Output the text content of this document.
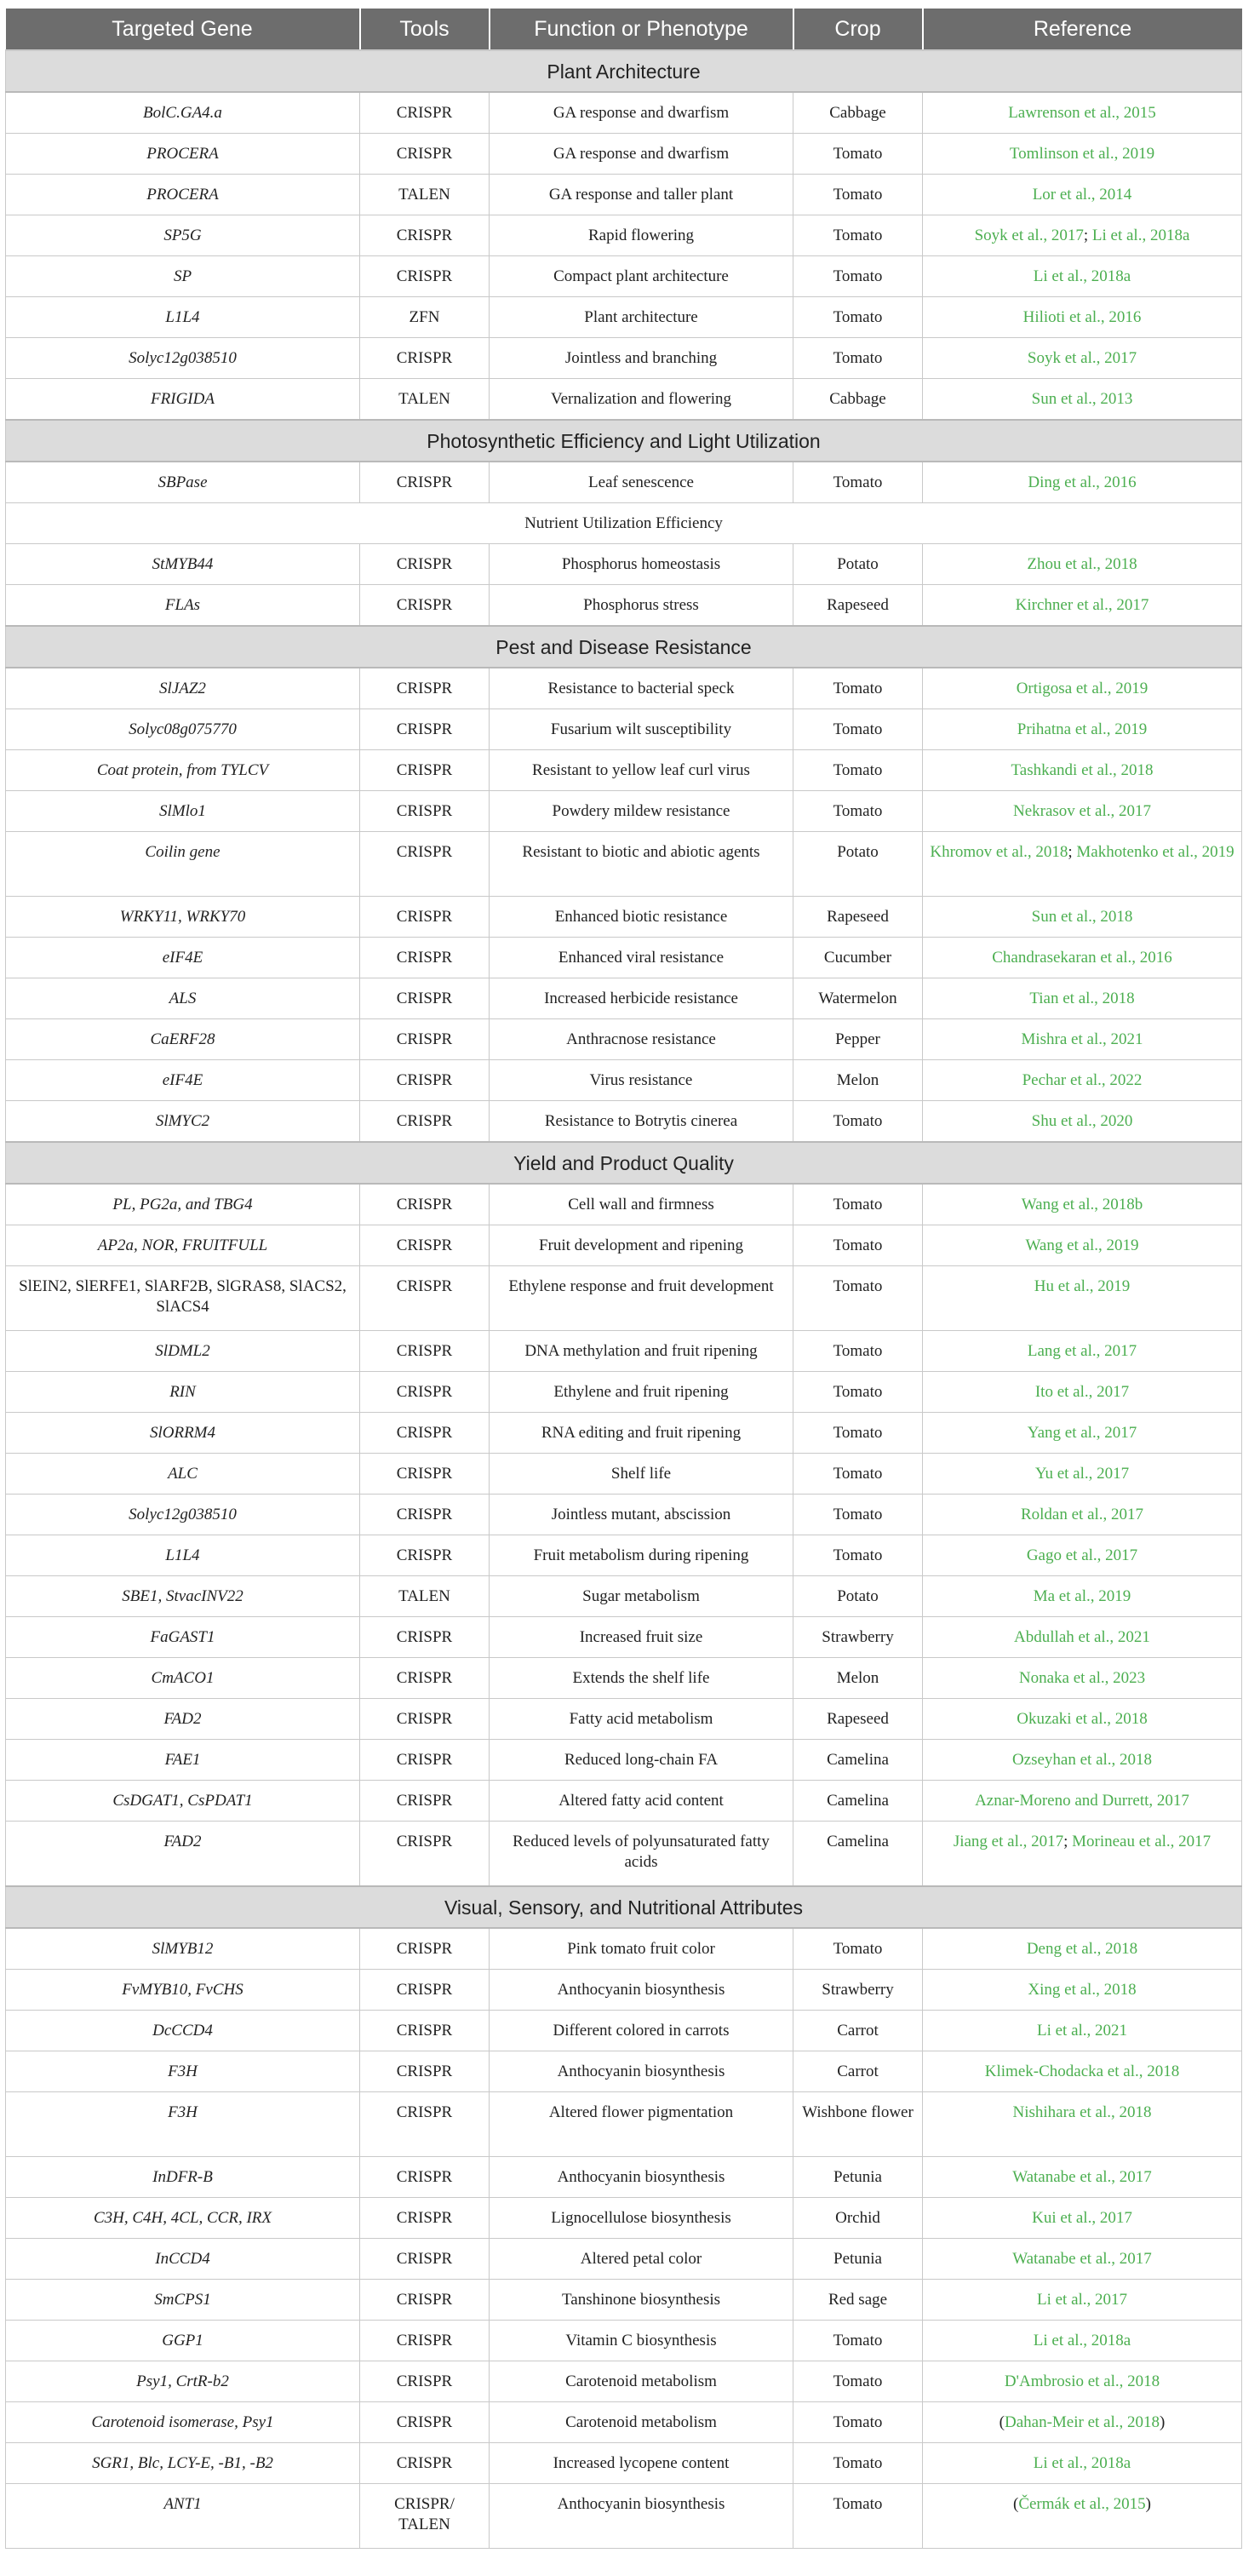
Targeted Gene	Tools	Function or Phenotype	Crop	Reference
Plant Architecture				
BolC.GA4.a	CRISPR	GA response and dwarfism	Cabbage	Lawrenson et al., 2015
PROCERA	CRISPR	GA response and dwarfism	Tomato	Tomlinson et al., 2019
PROCERA	TALEN	GA response and taller plant	Tomato	Lor et al., 2014
SP5G	CRISPR	Rapid flowering	Tomato	Soyk et al., 2017; Li et al., 2018a
SP	CRISPR	Compact plant architecture	Tomato	Li et al., 2018a
L1L4	ZFN	Plant architecture	Tomato	Hilioti et al., 2016
Solyc12g038510	CRISPR	Jointless and branching	Tomato	Soyk et al., 2017
FRIGIDA	TALEN	Vernalization and flowering	Cabbage	Sun et al., 2013
Photosynthetic Efficiency and Light Utilization				
SBPase	CRISPR	Leaf senescence	Tomato	Ding et al., 2016
Nutrient Utilization Efficiency				
StMYB44	CRISPR	Phosphorus homeostasis	Potato	Zhou et al., 2018
FLAs	CRISPR	Phosphorus stress	Rapeseed	Kirchner et al., 2017
Pest and Disease Resistance				
SlJAZ2	CRISPR	Resistance to bacterial speck	Tomato	Ortigosa et al., 2019
Solyc08g075770	CRISPR	Fusarium wilt susceptibility	Tomato	Prihatna et al., 2019
Coat protein, from TYLCV	CRISPR	Resistant to yellow leaf curl virus	Tomato	Tashkandi et al., 2018
SlMlo1	CRISPR	Powdery mildew resistance	Tomato	Nekrasov et al., 2017
Coilin gene	CRISPR	Resistant to biotic and abiotic agents	Potato	Khromov et al., 2018; Makhotenko et al., 2019
WRKY11, WRKY70	CRISPR	Enhanced biotic resistance	Rapeseed	Sun et al., 2018
eIF4E	CRISPR	Enhanced viral resistance	Cucumber	Chandrasekaran et al., 2016
ALS	CRISPR	Increased herbicide resistance	Watermelon	Tian et al., 2018
CaERF28	CRISPR	Anthracnose resistance	Pepper	Mishra et al., 2021
eIF4E	CRISPR	Virus resistance	Melon	Pechar et al., 2022
SlMYC2	CRISPR	Resistance to Botrytis cinerea	Tomato	Shu et al., 2020
Yield and Product Quality				
PL, PG2a, and TBG4	CRISPR	Cell wall and firmness	Tomato	Wang et al., 2018b
AP2a, NOR, FRUITFULL	CRISPR	Fruit development and ripening	Tomato	Wang et al., 2019
SlEIN2, SlERFE1, SlARF2B, SlGRAS8, SlACS2, SlACS4	CRISPR	Ethylene response and fruit development	Tomato	Hu et al., 2019
SlDML2	CRISPR	DNA methylation and fruit ripening	Tomato	Lang et al., 2017
RIN	CRISPR	Ethylene and fruit ripening	Tomato	Ito et al., 2017
SlORRM4	CRISPR	RNA editing and fruit ripening	Tomato	Yang et al., 2017
ALC	CRISPR	Shelf life	Tomato	Yu et al., 2017
Solyc12g038510	CRISPR	Jointless mutant, abscission	Tomato	Roldan et al., 2017
L1L4	CRISPR	Fruit metabolism during ripening	Tomato	Gago et al., 2017
SBE1, StvacINV22	TALEN	Sugar metabolism	Potato	Ma et al., 2019
FaGAST1	CRISPR	Increased fruit size	Strawberry	Abdullah et al., 2021
CmACO1	CRISPR	Extends the shelf life	Melon	Nonaka et al., 2023
FAD2	CRISPR	Fatty acid metabolism	Rapeseed	Okuzaki et al., 2018
FAE1	CRISPR	Reduced long-chain FA	Camelina	Ozseyhan et al., 2018
CsDGAT1, CsPDAT1	CRISPR	Altered fatty acid content	Camelina	Aznar-Moreno and Durrett, 2017
FAD2	CRISPR	Reduced levels of polyunsaturated fatty acids	Camelina	Jiang et al., 2017; Morineau et al., 2017
Visual, Sensory, and Nutritional Attributes				
SlMYB12	CRISPR	Pink tomato fruit color	Tomato	Deng et al., 2018
FvMYB10, FvCHS	CRISPR	Anthocyanin biosynthesis	Strawberry	Xing et al., 2018
DcCCD4	CRISPR	Different colored in carrots	Carrot	Li et al., 2021
F3H	CRISPR	Anthocyanin biosynthesis	Carrot	Klimek-Chodacka et al., 2018
F3H	CRISPR	Altered flower pigmentation	Wishbone flower	Nishihara et al., 2018
InDFR-B	CRISPR	Anthocyanin biosynthesis	Petunia	Watanabe et al., 2017
C3H, C4H, 4CL, CCR, IRX	CRISPR	Lignocellulose biosynthesis	Orchid	Kui et al., 2017
InCCD4	CRISPR	Altered petal color	Petunia	Watanabe et al., 2017
SmCPS1	CRISPR	Tanshinone biosynthesis	Red sage	Li et al., 2017
GGP1	CRISPR	Vitamin C biosynthesis	Tomato	Li et al., 2018a
Psy1, CrtR-b2	CRISPR	Carotenoid metabolism	Tomato	D'Ambrosio et al., 2018
Carotenoid isomerase, Psy1	CRISPR	Carotenoid metabolism	Tomato	(Dahan-Meir et al., 2018)
SGR1, Blc, LCY-E, -B1, -B2	CRISPR	Increased lycopene content	Tomato	Li et al., 2018a
ANT1	CRISPR/ TALEN	Anthocyanin biosynthesis	Tomato	(Čermák et al., 2015)
